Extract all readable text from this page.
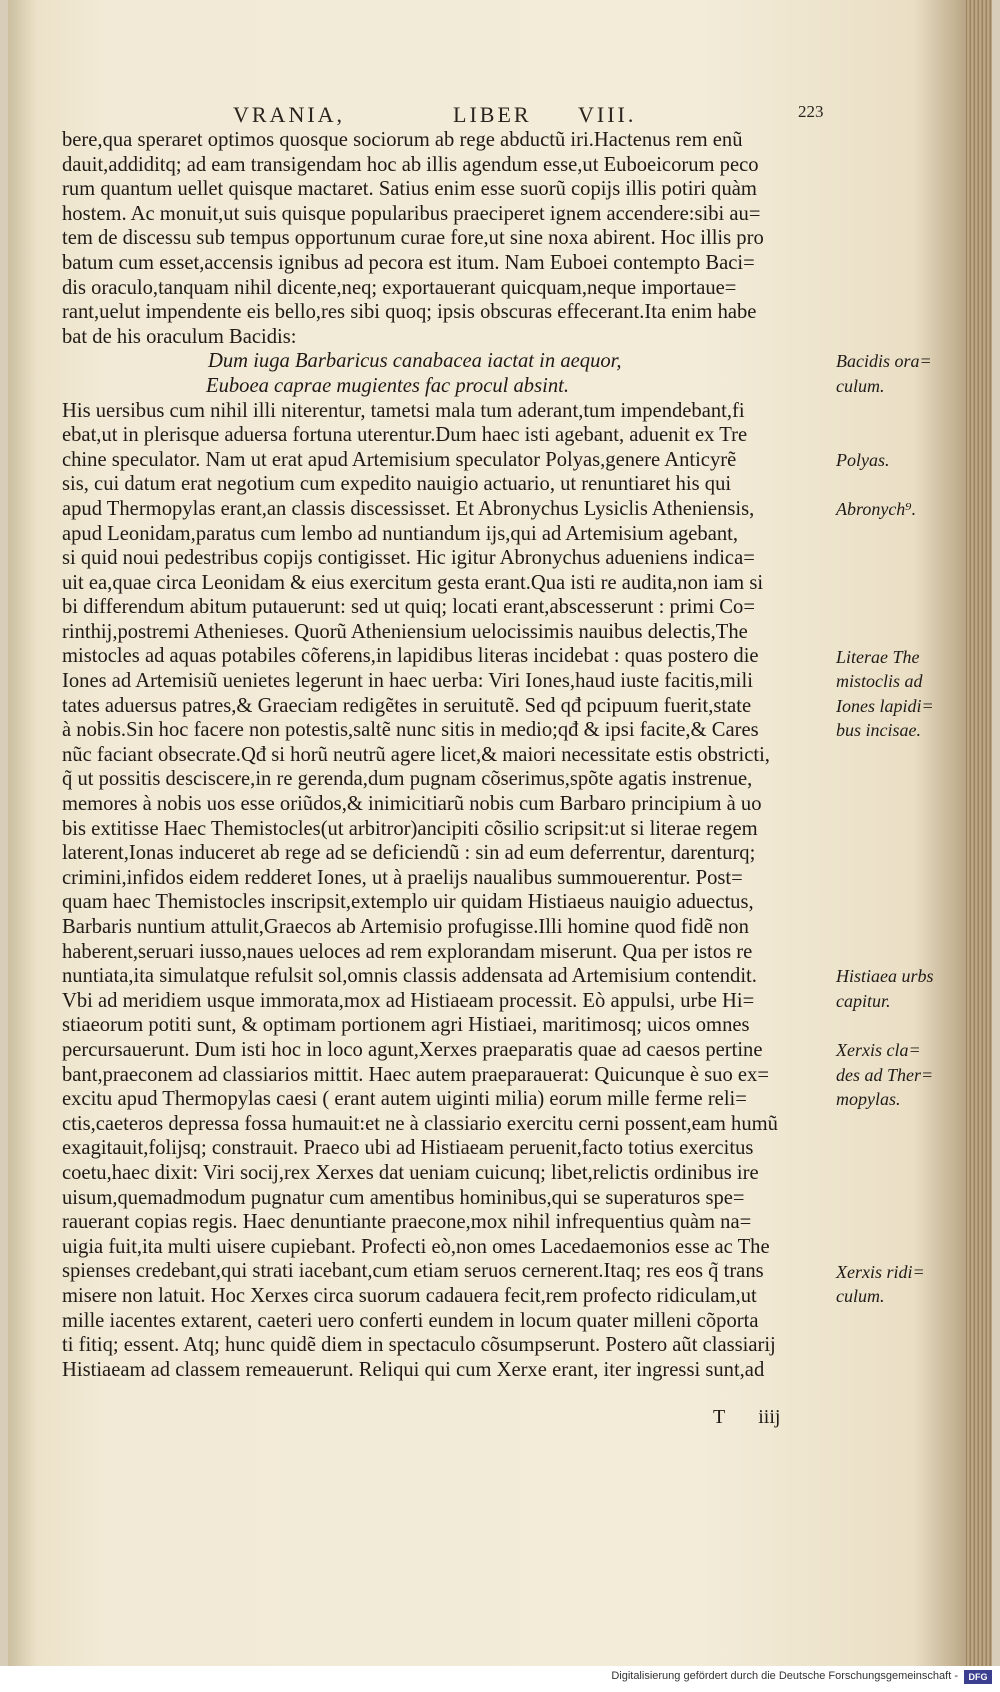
VRANIA,	LIBER VIII.	223
bere,qua speraret optimos quosque sociorum ab rege abductũ iri.Hactenus rem enũ
dauit,addiditq; ad eam transigendam hoc ab illis agendum esse,ut Euboeicorum peco
rum quantum uellet quisque mactaret. Satius enim esse suorũ copijs illis potiri quàm
hostem. Ac monuit,ut suis quisque popularibus praeciperet ignem accendere:sibi au=
tem de discessu sub tempus opportunum curae fore,ut sine noxa abirent. Hoc illis pro
batum cum esset,accensis ignibus ad pecora est itum. Nam Euboei contempto Baci=
dis oraculo,tanquam nihil dicente,neq; exportauerant quicquam,neque importaue=
rant,uelut impendente eis bello,res sibi quoq; ipsis obscuras effecerant.Ita enim habe
bat de his oraculum Bacidis:
Dum iuga Barbaricus canabacea iactat in aequor,
Euboea caprae mugientes fac procul absint.
His uersibus cum nihil illi niterentur, tametsi mala tum aderant,tum impendebant,fi
ebat,ut in plerisque aduersa fortuna uterentur.Dum haec isti agebant, aduenit ex Tre
chine speculator. Nam ut erat apud Artemisium speculator Polyas,genere Anticyrẽ
sis, cui datum erat negotium cum expedito nauigio actuario, ut renuntiaret his qui
apud Thermopylas erant,an classis discessisset. Et Abronychus Lysiclis Atheniensis,
apud Leonidam,paratus cum lembo ad nuntiandum ijs,qui ad Artemisium agebant,
si quid noui pedestribus copijs contigisset. Hic igitur Abronychus adueniens indica=
uit ea,quae circa Leonidam & eius exercitum gesta erant.Qua isti re audita,non iam si
bi differendum abitum putauerunt: sed ut quiq; locati erant,abscesserunt : primi Co=
rinthij,postremi Athenieses. Quorũ Atheniensium uelocissimis nauibus delectis,The
mistocles ad aquas potabiles cõferens,in lapidibus literas incidebat : quas postero die
Iones ad Artemisiũ uenietes legerunt in haec uerba: Viri Iones,haud iuste facitis,mili
tates aduersus patres,& Graeciam redigẽtes in seruitutẽ. Sed qđ pcipuum fuerit,state
à nobis.Sin hoc facere non potestis,saltẽ nunc sitis in medio;qđ & ipsi facite,& Cares
nũc faciant obsecrate.Qđ si horũ neutrũ agere licet,& maiori necessitate estis obstricti,
q̃ ut possitis desciscere,in re gerenda,dum pugnam cõserimus,spõte agatis instrenue,
memores à nobis uos esse oriũdos,& inimicitiarũ nobis cum Barbaro principium à uo
bis extitisse Haec Themistocles(ut arbitror)ancipiti cõsilio scripsit:ut si literae regem
laterent,Ionas induceret ab rege ad se deficiendũ : sin ad eum deferrentur, darenturq;
crimini,infidos eidem redderet Iones, ut à praelijs naualibus summouerentur. Post=
quam haec Themistocles inscripsit,extemplo uir quidam Histiaeus nauigio aduectus,
Barbaris nuntium attulit,Graecos ab Artemisio profugisse.Illi homine quod fidẽ non
haberent,seruari iusso,naues ueloces ad rem explorandam miserunt. Qua per istos re
nuntiata,ita simulatque refulsit sol,omnis classis addensata ad Artemisium contendit.
Vbi ad meridiem usque immorata,mox ad Histiaeam processit. Eò appulsi, urbe Hi=
stiaeorum potiti sunt, & optimam portionem agri Histiaei, maritimosq; uicos omnes
percursauerunt. Dum isti hoc in loco agunt,Xerxes praeparatis quae ad caesos pertine
bant,praeconem ad classiarios mittit. Haec autem praeparauerat: Quicunque è suo ex=
excitu apud Thermopylas caesi ( erant autem uiginti milia) eorum mille ferme reli=
ctis,caeteros depressa fossa humauit:et ne à classiario exercitu cerni possent,eam humũ
exagitauit,folijsq; constrauit. Praeco ubi ad Histiaeam peruenit,facto totius exercitus
coetu,haec dixit: Viri socij,rex Xerxes dat ueniam cuicunq; libet,relictis ordinibus ire
uisum,quemadmodum pugnatur cum amentibus hominibus,qui se superaturos spe=
rauerant copias regis. Haec denuntiante praecone,mox nihil infrequentius quàm na=
uigia fuit,ita multi uisere cupiebant. Profecti eò,non omes Lacedaemonios esse ac The
spienses credebant,qui strati iacebant,cum etiam seruos cernerent.Itaq; res eos q̃ trans
misere non latuit. Hoc Xerxes circa suorum cadauera fecit,rem profecto ridiculam,ut
mille iacentes extarent, caeteri uero conferti eundem in locum quater milleni cõporta
ti fitiq; essent. Atq; hunc quidẽ diem in spectaculo cõsumpserunt. Postero aũt classiarij
Histiaeam ad classem remeauerunt. Reliqui qui cum Xerxe erant, iter ingressi sunt,ad
Bacidis ora=
culum.
Polyas.
Abronych⁹.
Literae The
mistoclis ad
Iones lapidi=
bus incisae.
Histiaea urbs
capitur.
Xerxis cla=
des ad Ther=
mopylas.
Xerxis ridi=
culum.
T iiij
Digitalisierung gefördert durch die Deutsche Forschungsgemeinschaft -	DFG
